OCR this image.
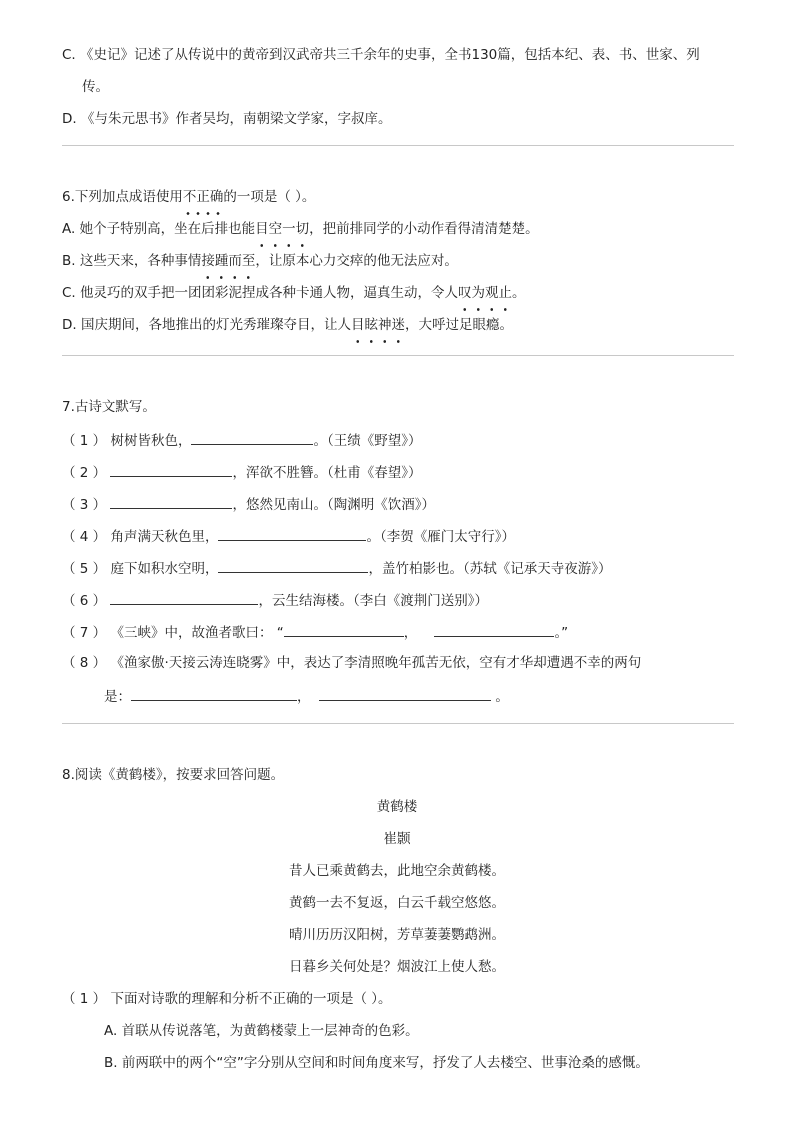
C. 《史记》记述了从传说中的黄帝到汉武帝共三千余年的史事，全书130篇，包括本纪、表、书、世家、列
传。
D. 《与朱元思书》作者吴均，南朝梁文学家，字叔庠。
6.下列加点成语使用不正确的一项是（ ）。
A. 她个子特别高，坐在后排也能目空一切，把前排同学的小动作看得清清楚楚。
B. 这些天来，各种事情接踵而至，让原本心力交瘁的他无法应对。
C. 他灵巧的双手把一团团彩泥捏成各种卡通人物，逼真生动，令人叹为观止。
D. 国庆期间，各地推出的灯光秀璀璨夺目，让人目眩神迷，大呼过足眼瘾。
7.古诗文默写。
（ 1 ） 树树皆秋色，	。（王绩《野望》）
（ 2 ）	，浑欲不胜簪。（杜甫《春望》）
（ 3 ）	，悠然见南山。（陶渊明《饮酒》）
（ 4 ） 角声满天秋色里，	。（李贺《雁门太守行》）
（ 5 ） 庭下如积水空明，	，盖竹柏影也。（苏轼《记承天寺夜游》）
（ 6 ）	，云生结海楼。（李白《渡荆门送别》）
（ 7 ） 《三峡》中，故渔者歌曰： “	，	。”
（ 8 ） 《渔家傲·天接云涛连晓雾》中，表达了李清照晚年孤苦无依，空有才华却遭遇不幸的两句
是：	，	。
8.阅读《黄鹤楼》，按要求回答问题。
黄鹤楼
崔颢
昔人已乘黄鹤去，此地空余黄鹤楼。
黄鹤一去不复返，白云千载空悠悠。
晴川历历汉阳树，芳草萋萋鹦鹉洲。
日暮乡关何处是？烟波江上使人愁。
（ 1 ） 下面对诗歌的理解和分析不正确的一项是（ ）。
A. 首联从传说落笔，为黄鹤楼蒙上一层神奇的色彩。
B. 前两联中的两个“空”字分别从空间和时间角度来写，抒发了人去楼空、世事沧桑的感慨。
